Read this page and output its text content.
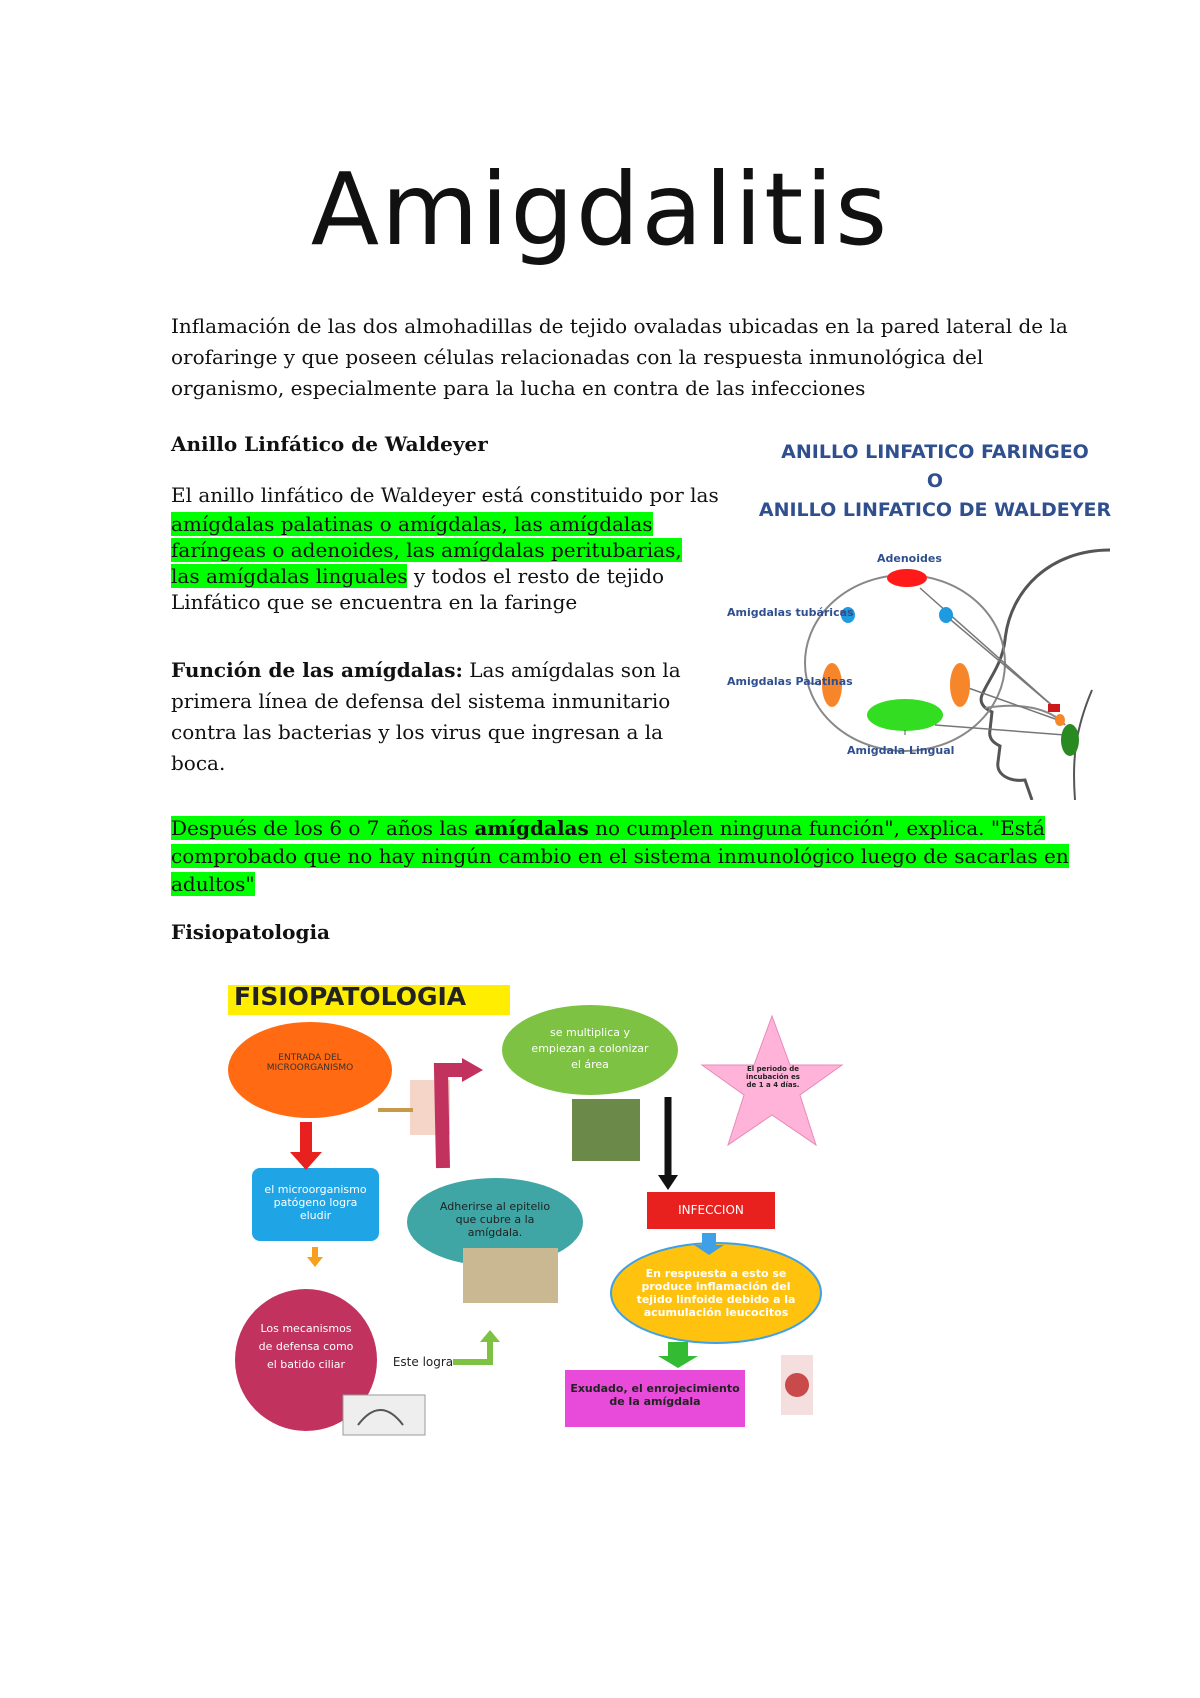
Amigdalitis

Inflamación de las dos almohadillas de tejido ovaladas ubicadas en la pared lateral de la

orofaringe y que poseen células relacionadas con la respuesta inmunológica del

organismo, especialmente para la lucha en contra de las infecciones

Anillo Linfático de Waldeyer

El anillo linfático de Waldeyer está constituido por las

amígdalas palatinas o amígdalas, las amígdalas

faríngeas o adenoides, las amígdalas peritubarias,

las amígdalas linguales y todos el resto de tejido

Linfático que se encuentra en la faringe

Función de las amígdalas: Las amígdalas son la

primera línea de defensa del sistema inmunitario

contra las bacterias y los virus que ingresan a la

boca.

Después de los 6 o 7 años las amígdalas no cumplen ninguna función", explica. "Está

comprobado que no hay ningún cambio en el sistema inmunológico luego de sacarlas en

adultos"

Fisiopatologia
ANILLO LINFATICO FARINGEO
O
ANILLO LINFATICO DE WALDEYER
Adenoides
Amigdalas tubáricas
Amigdalas Palatinas
Amigdala Lingual
FISIOPATOLOGIA
ENTRADA DEL MICROORGANISMO
el microorganismo patógeno logra eludir
Los mecanismos de defensa como el batido ciliar
Adherirse al epitelio que cubre a la amígdala.
se multiplica y empiezan a colonizar el área	El periodo de incubación es de 1 a 4 días.
INFECCION
En respuesta a esto se produce inflamación del tejido linfoide debido a la acumulación leucocitos
Exudado, el enrojecimiento de la amígdala
Este logra
